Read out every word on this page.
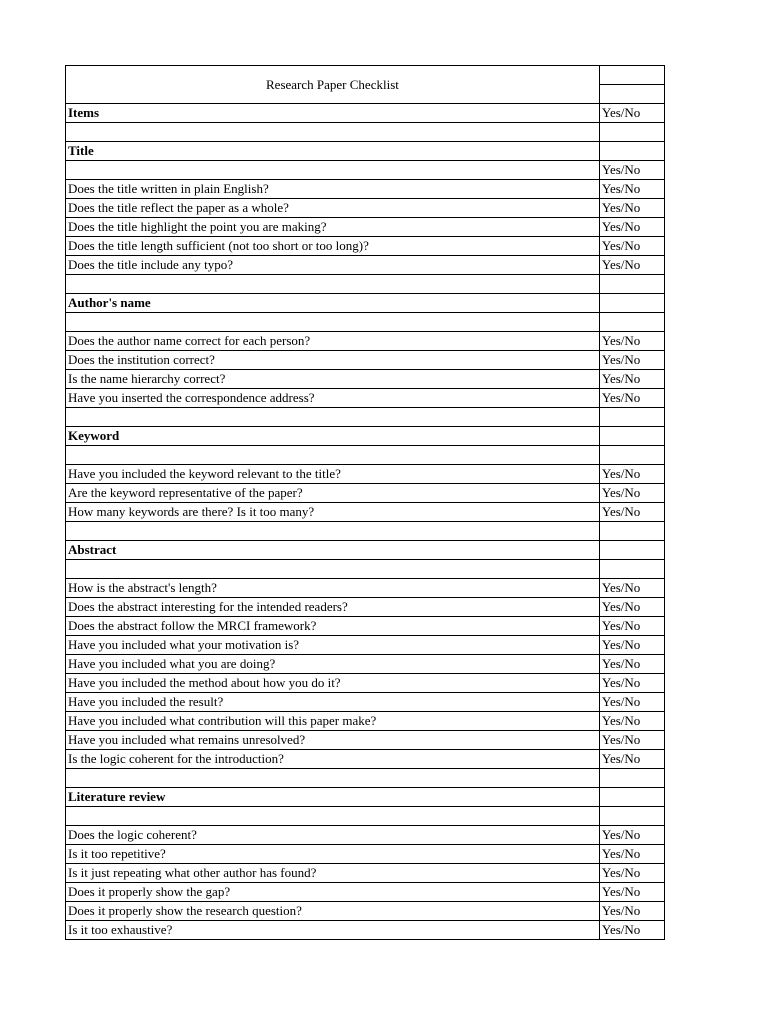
Research Paper Checklist	

Items	Yes/No

Title	
	Yes/No
Does the title written in plain English?	Yes/No
Does the title reflect the paper as a whole?	Yes/No
Does the title highlight the point you are making?	Yes/No
Does the title length sufficient (not too short or too long)?	Yes/No
Does the title include any typo?	Yes/No

Author's name	

Does the author name correct for each person?	Yes/No
Does the institution correct?	Yes/No
Is the name hierarchy correct?	Yes/No
Have you inserted the correspondence address?	Yes/No

Keyword	

Have you included the keyword relevant to the title?	Yes/No
Are the keyword representative of the paper?	Yes/No
How many keywords are there? Is it too many?	Yes/No

Abstract	

How is the abstract's length?	Yes/No
Does the abstract interesting for the intended readers?	Yes/No
Does the abstract follow the MRCI framework?	Yes/No
Have you included what your motivation is?	Yes/No
Have you included what you are doing?	Yes/No
Have you included the method about how you do it?	Yes/No
Have you included the result?	Yes/No
Have you included what contribution will this paper make?	Yes/No
Have you included what remains unresolved?	Yes/No
Is the logic coherent for the introduction?	Yes/No

Literature review	

Does the logic coherent?	Yes/No
Is it too repetitive?	Yes/No
Is it just repeating what other author has found?	Yes/No
Does it properly show the gap?	Yes/No
Does it properly show the research question?	Yes/No
Is it too exhaustive?	Yes/No
